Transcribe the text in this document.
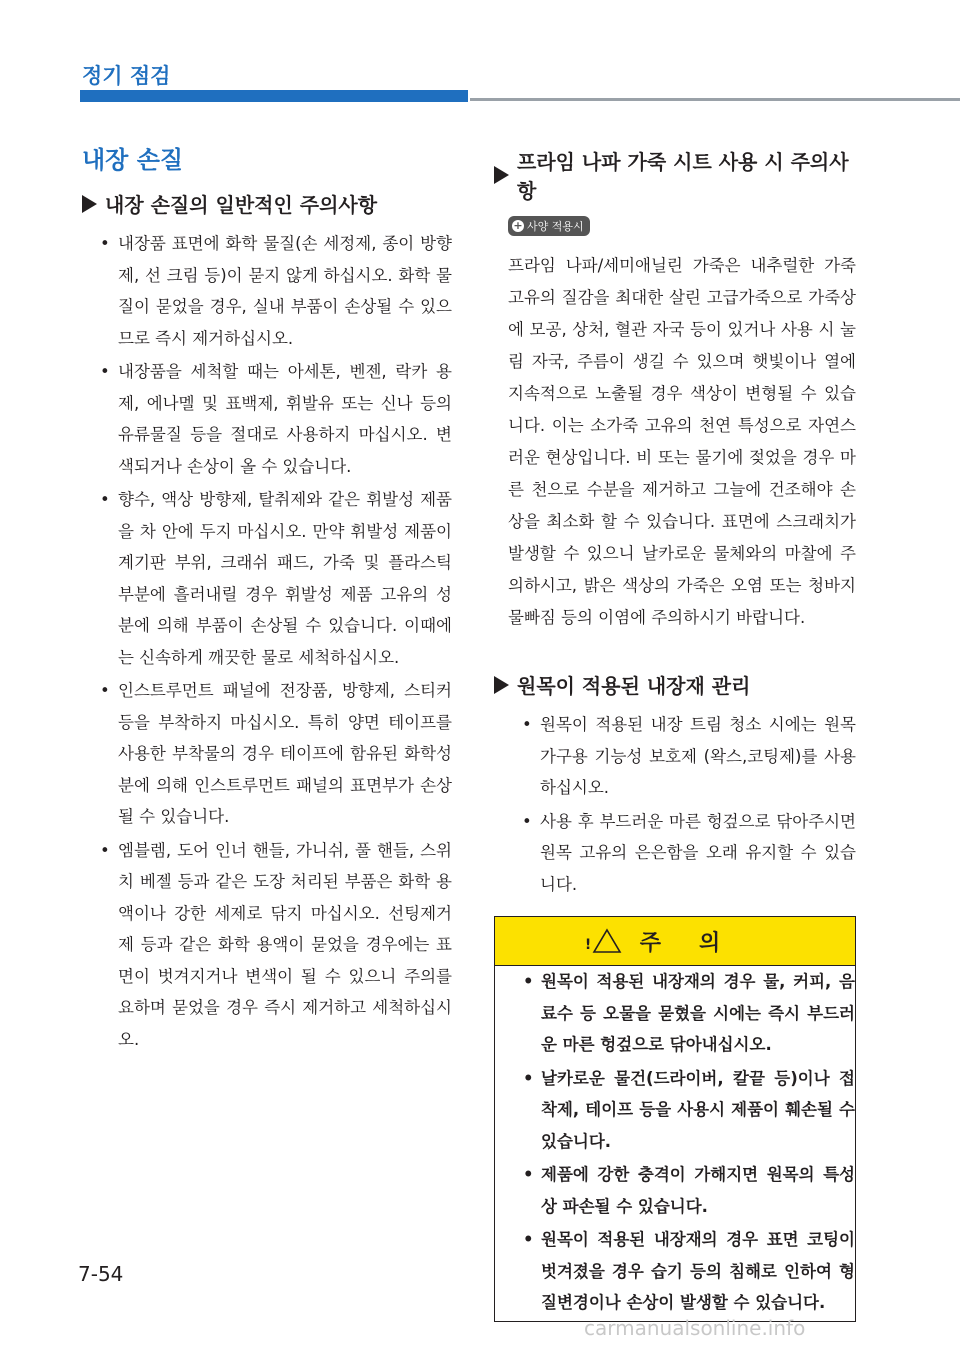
정기 점검
내장 손질
내장 손질의 일반적인 주의사항
• 내장품 표면에 화학 물질(손 세정제, 종이 방향제, 선 크림 등)이 묻지 않게 하십시오. 화학 물질이 묻었을 경우, 실내 부품이 손상될 수 있으므로 즉시 제거하십시오.
• 내장품을 세척할 때는 아세톤, 벤젠, 락카 용제, 에나멜 및 표백제, 휘발유 또는 신나 등의 유류물질 등을 절대로 사용하지 마십시오. 변색되거나 손상이 올 수 있습니다.
• 향수, 액상 방향제, 탈취제와 같은 휘발성 제품을 차 안에 두지 마십시오. 만약 휘발성 제품이 계기판 부위, 크래쉬 패드, 가죽 및 플라스틱 부분에 흘러내릴 경우 휘발성 제품 고유의 성분에 의해 부품이 손상될 수 있습니다. 이때에는 신속하게 깨끗한 물로 세척하십시오.
• 인스트루먼트 패널에 전장품, 방향제, 스티커 등을 부착하지 마십시오. 특히 양면 테이프를 사용한 부착물의 경우 테이프에 함유된 화학성분에 의해 인스트루먼트 패널의 표면부가 손상될 수 있습니다.
• 엠블렘, 도어 인너 핸들, 가니쉬, 풀 핸들, 스위치 베젤 등과 같은 도장 처리된 부품은 화학 용액이나 강한 세제로 닦지 마십시오. 선팅제거제 등과 같은 화학 용액이 묻었을 경우에는 표면이 벗겨지거나 변색이 될 수 있으니 주의를 요하며 묻었을 경우 즉시 제거하고 세척하십시오.
프라임 나파 가죽 시트 사용 시 주의사항
+ 사양 적용시

프라임 나파/세미애닐린 가죽은 내추럴한 가죽 고유의 질감을 최대한 살린 고급가죽으로 가죽상에 모공, 상처, 혈관 자국 등이 있거나 사용 시 눌림 자국, 주름이 생길 수 있으며 햇빛이나 열에 지속적으로 노출될 경우 색상이 변형될 수 있습니다. 이는 소가죽 고유의 천연 특성으로 자연스러운 현상입니다. 비 또는 물기에 젖었을 경우 마른 천으로 수분을 제거하고 그늘에 건조해야 손상을 최소화 할 수 있습니다. 표면에 스크래치가 발생할 수 있으니 날카로운 물체와의 마찰에 주의하시고, 밝은 색상의 가죽은 오염 또는 청바지 물빠짐 등의 이염에 주의하시기 바랍니다.

원목이 적용된 내장재 관리
• 원목이 적용된 내장 트림 청소 시에는 원목가구용 기능성 보호제 (왁스,코팅제)를 사용하십시오.
• 사용 후 부드러운 마른 헝겊으로 닦아주시면 원목 고유의 은은함을 오래 유지할 수 있습니다.
! 주의
• 원목이 적용된 내장재의 경우 물, 커피, 음료수 등 오물을 묻혔을 시에는 즉시 부드러운 마른 헝겊으로 닦아내십시오.
• 날카로운 물건(드라이버, 칼끝 등)이나 접착제, 테이프 등을 사용시 제품이 훼손될 수 있습니다.
• 제품에 강한 충격이 가해지면 원목의 특성상 파손될 수 있습니다.
• 원목이 적용된 내장재의 경우 표면 코팅이 벗겨졌을 경우 습기 등의 침해로 인하여 형질변경이나 손상이 발생할 수 있습니다.
7-54
carmanualsonline.info
